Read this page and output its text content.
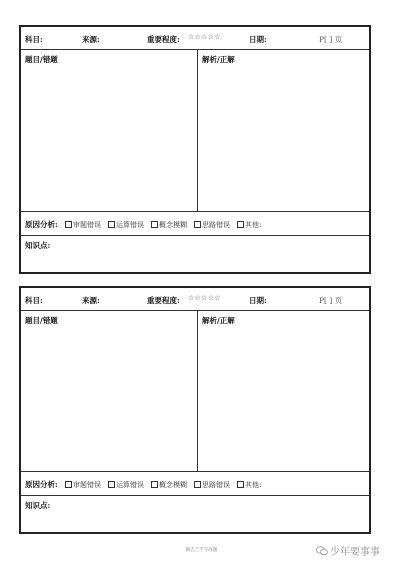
科目:	来源:	重要程度: ☆☆☆☆☆	日期:	P[ ] 页
题目/错题	解析/正解
原因分析:	审题错误	运算错误	概念模糊	思路错误	其他:
知识点:
科目:	来源:	重要程度: ☆☆☆☆☆	日期:	P[ ] 页
题目/错题	解析/正解
原因分析:	审题错误	运算错误	概念模糊	思路错误	其他:
知识点:
陶吉吉手写改题	少年要事事
